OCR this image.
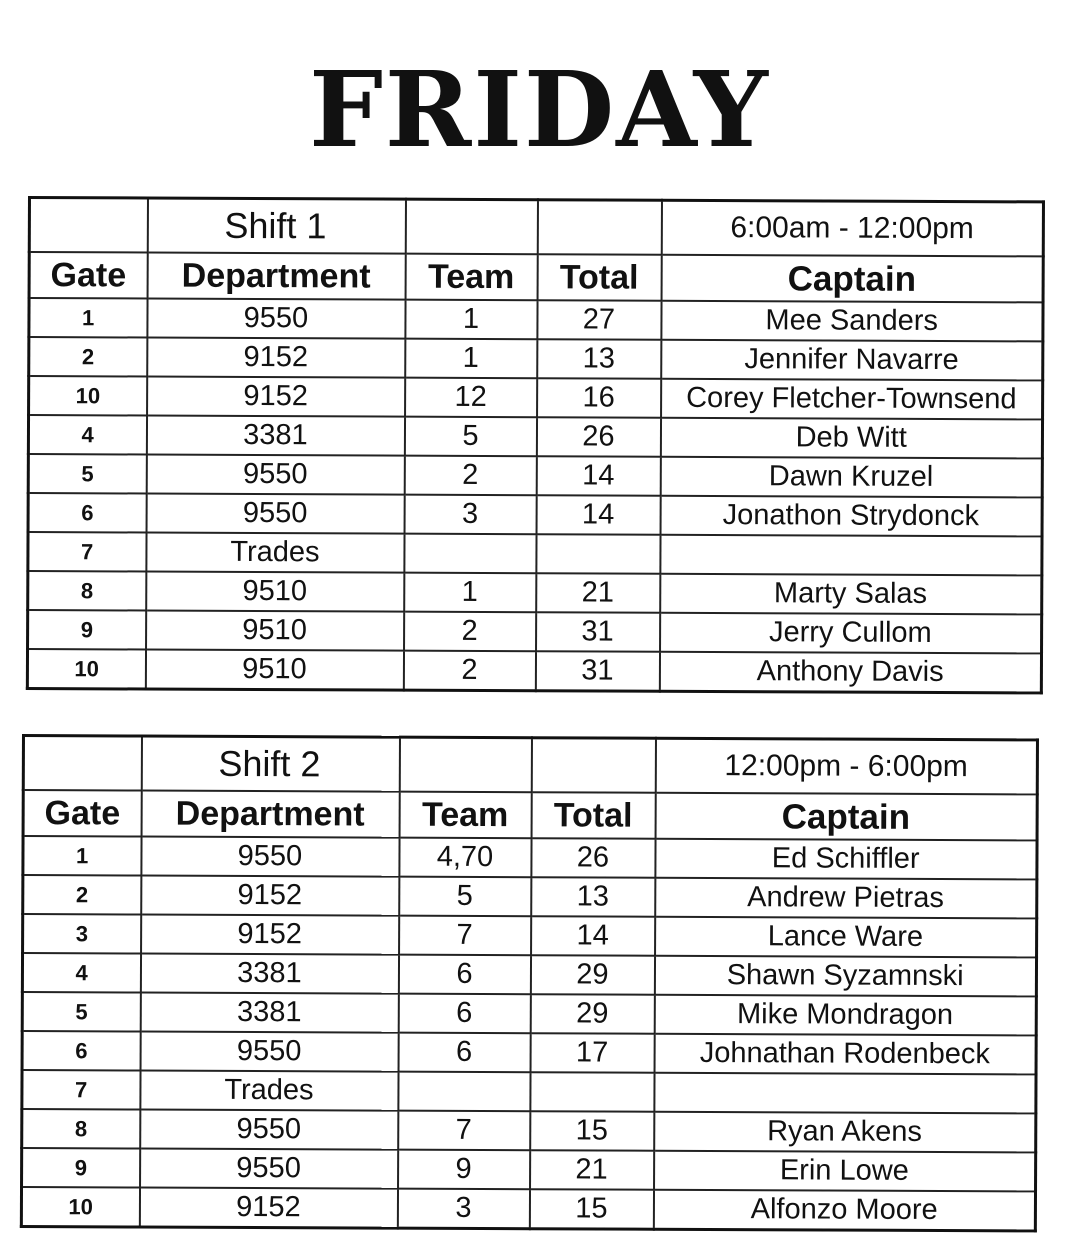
FRIDAY
	Shift 1			6:00am - 12:00pm
Gate	Department	Team	Total	Captain
1	9550	1	27	Mee Sanders
2	9152	1	13	Jennifer Navarre
10	9152	12	16	Corey Fletcher-Townsend
4	3381	5	26	Deb Witt
5	9550	2	14	Dawn Kruzel
6	9550	3	14	Jonathon Strydonck
7	Trades			
8	9510	1	21	Marty Salas
9	9510	2	31	Jerry Cullom
10	9510	2	31	Anthony Davis
	Shift 2			12:00pm - 6:00pm
Gate	Department	Team	Total	Captain
1	9550	4,70	26	Ed Schiffler
2	9152	5	13	Andrew Pietras
3	9152	7	14	Lance Ware
4	3381	6	29	Shawn Syzamnski
5	3381	6	29	Mike Mondragon
6	9550	6	17	Johnathan Rodenbeck
7	Trades			
8	9550	7	15	Ryan Akens
9	9550	9	21	Erin Lowe
10	9152	3	15	Alfonzo Moore
